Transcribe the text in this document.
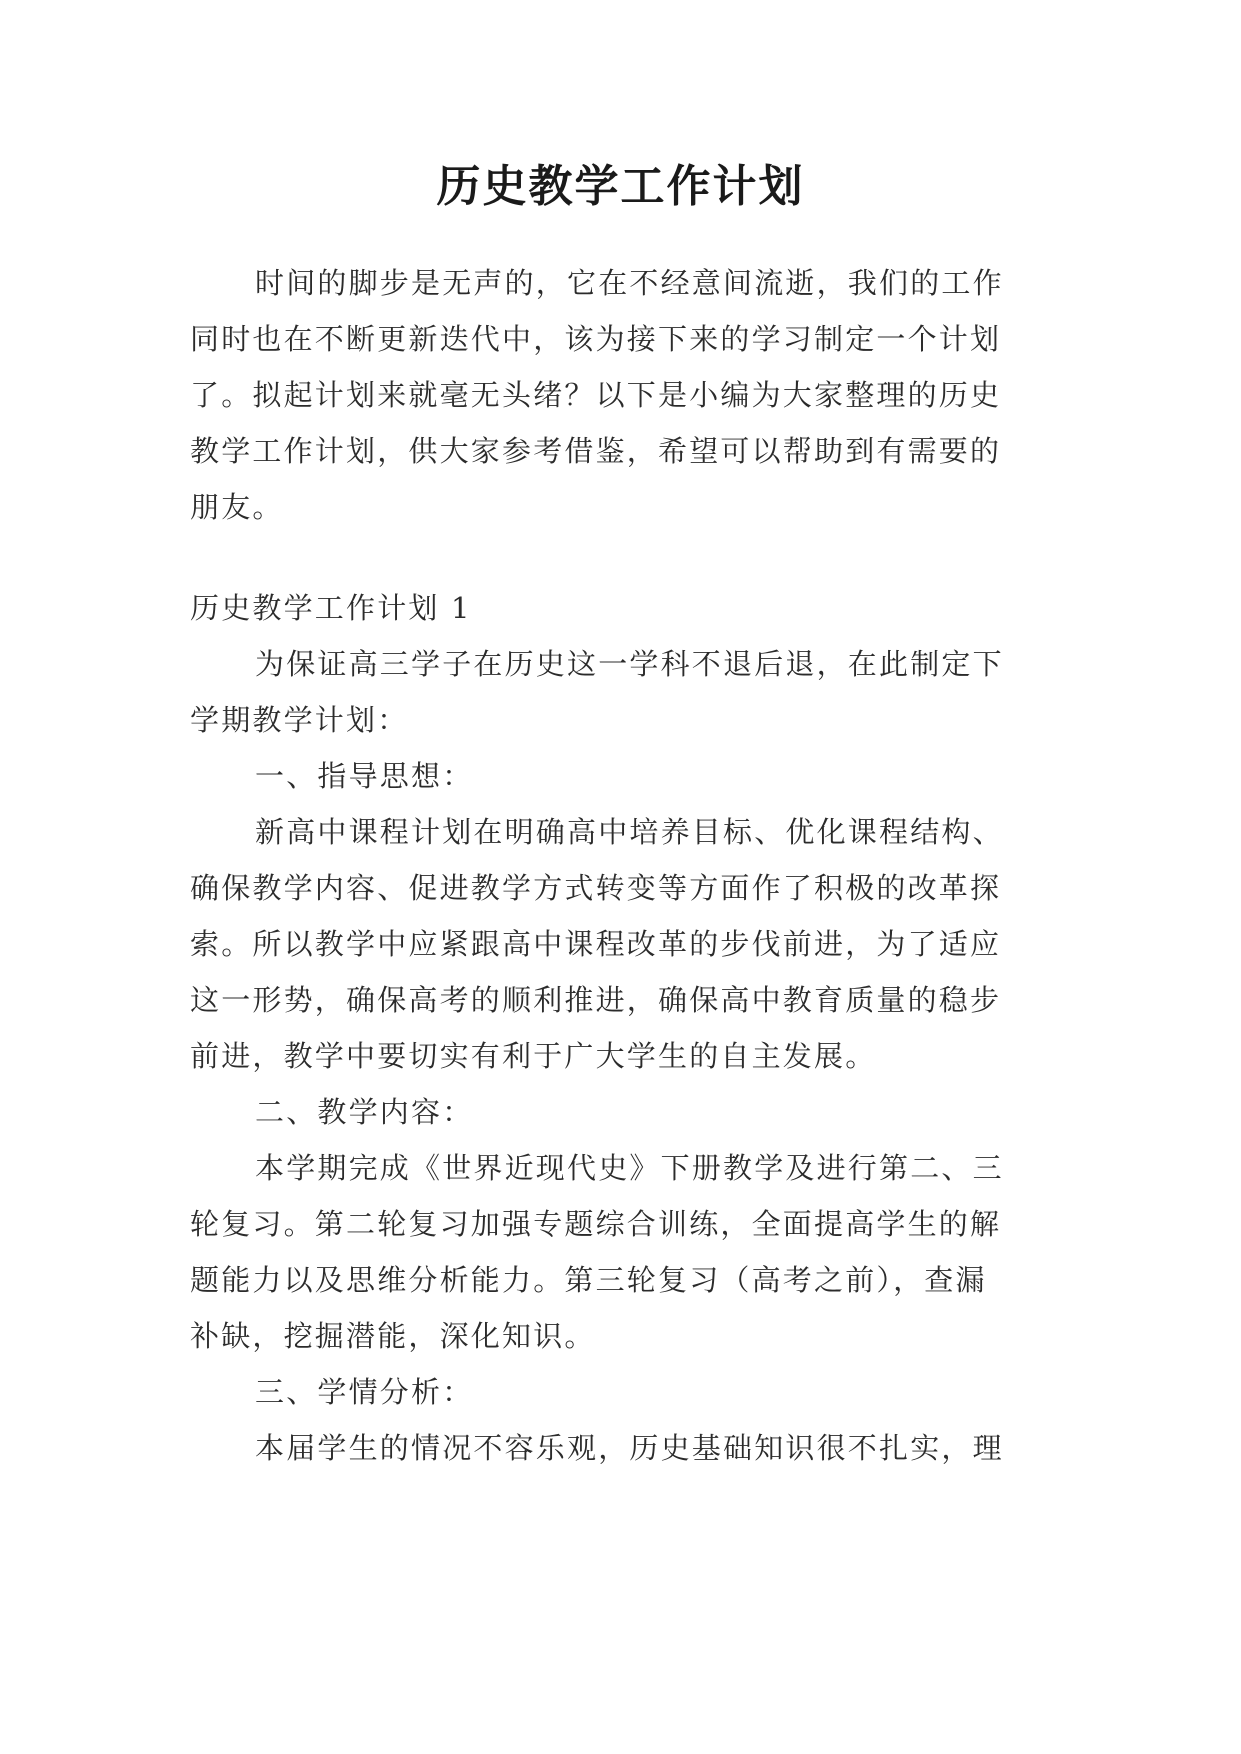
历史教学工作计划
时间的脚步是无声的，它在不经意间流逝，我们的工作
同时也在不断更新迭代中，该为接下来的学习制定一个计划
了。拟起计划来就毫无头绪？以下是小编为大家整理的历史
教学工作计划，供大家参考借鉴，希望可以帮助到有需要的
朋友。
历史教学工作计划 1
为保证高三学子在历史这一学科不退后退，在此制定下
学期教学计划：
一、指导思想：
新高中课程计划在明确高中培养目标、优化课程结构、
确保教学内容、促进教学方式转变等方面作了积极的改革探
索。所以教学中应紧跟高中课程改革的步伐前进，为了适应
这一形势，确保高考的顺利推进，确保高中教育质量的稳步
前进，教学中要切实有利于广大学生的自主发展。
二、教学内容：
本学期完成《世界近现代史》下册教学及进行第二、三
轮复习。第二轮复习加强专题综合训练，全面提高学生的解
题能力以及思维分析能力。第三轮复习（高考之前），查漏
补缺，挖掘潜能，深化知识。
三、学情分析：
本届学生的情况不容乐观，历史基础知识很不扎实，理
